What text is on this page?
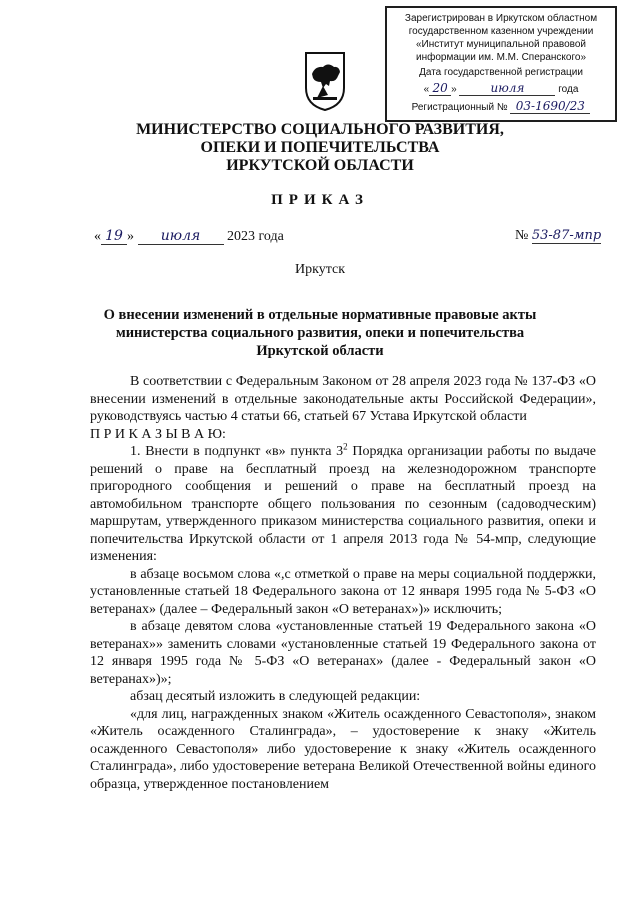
Зарегистрирован в Иркутском областном
государственном казенном учреждении
«Институт муниципальной правовой
информации им. М.М. Сперанского»
Дата государственной регистрации
« 20 »	июля	года
Регистрационный № 03-1690/23
МИНИСТЕРСТВО СОЦИАЛЬНОГО РАЗВИТИЯ,
ОПЕКИ И ПОПЕЧИТЕЛЬСТВА
ИРКУТСКОЙ ОБЛАСТИ
ПРИКАЗ
« 19 » июля 2023 года	№ 53-87-мпр
Иркутск
О внесении изменений в отдельные нормативные правовые акты
министерства социального развития, опеки и попечительства
Иркутской области

В соответствии с Федеральным Законом от 28 апреля 2023 года № 137-ФЗ «О внесении изменений в отдельные законодательные акты Российской Федерации», руководствуясь частью 4 статьи 66, статьей 67 Устава Иркутской области

П Р И К А З Ы В А Ю:

1. Внести в подпункт «в» пункта $3^2$ Порядка организации работы по выдаче решений о праве на бесплатный проезд на железнодорожном транспорте пригородного сообщения и решений о праве на бесплатный проезд на автомобильном транспорте общего пользования по сезонным (садоводческим) маршрутам, утвержденного приказом министерства социального развития, опеки и попечительства Иркутской области от 1 апреля 2013 года № 54-мпр, следующие изменения:

в абзаце восьмом слова «,с отметкой о праве на меры социальной поддержки, установленные статьей 18 Федерального закона от 12 января 1995 года № 5-ФЗ «О ветеранах» (далее – Федеральный закон «О ветеранах»)» исключить;

в абзаце девятом слова «установленные статьей 19 Федерального закона «О ветеранах»» заменить словами «установленные статьей 19 Федерального закона от 12 января 1995 года № 5-ФЗ «О ветеранах» (далее - Федеральный закон «О ветеранах»)»;

абзац десятый изложить в следующей редакции:

«для лиц, награжденных знаком «Житель осажденного Севастополя», знаком «Житель осажденного Сталинграда», – удостоверение к знаку «Житель осажденного Севастополя» либо удостоверение к знаку «Житель осажденного Сталинграда», либо удостоверение ветерана Великой Отечественной войны единого образца, утвержденное постановлением
